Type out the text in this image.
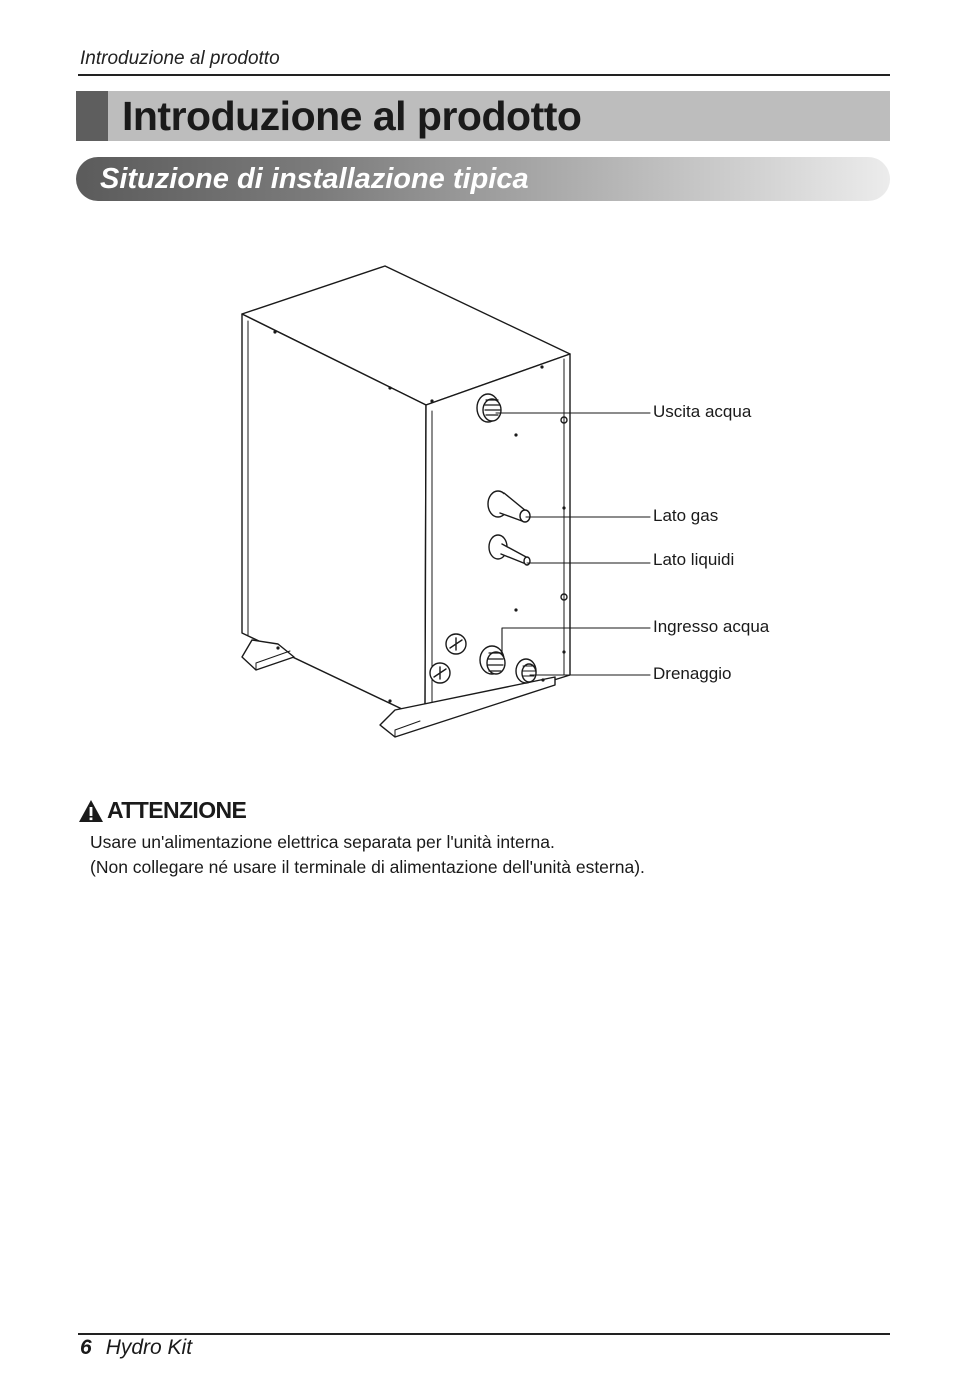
Introduzione al prodotto
Introduzione al prodotto
Situzione di installazione tipica
Uscita acqua
Lato gas
Lato liquidi
Ingresso acqua
Drenaggio
ATTENZIONE
Usare un'alimentazione elettrica separata per l'unità interna.
(Non collegare né usare il terminale di alimentazione dell'unità esterna).
6 Hydro Kit
